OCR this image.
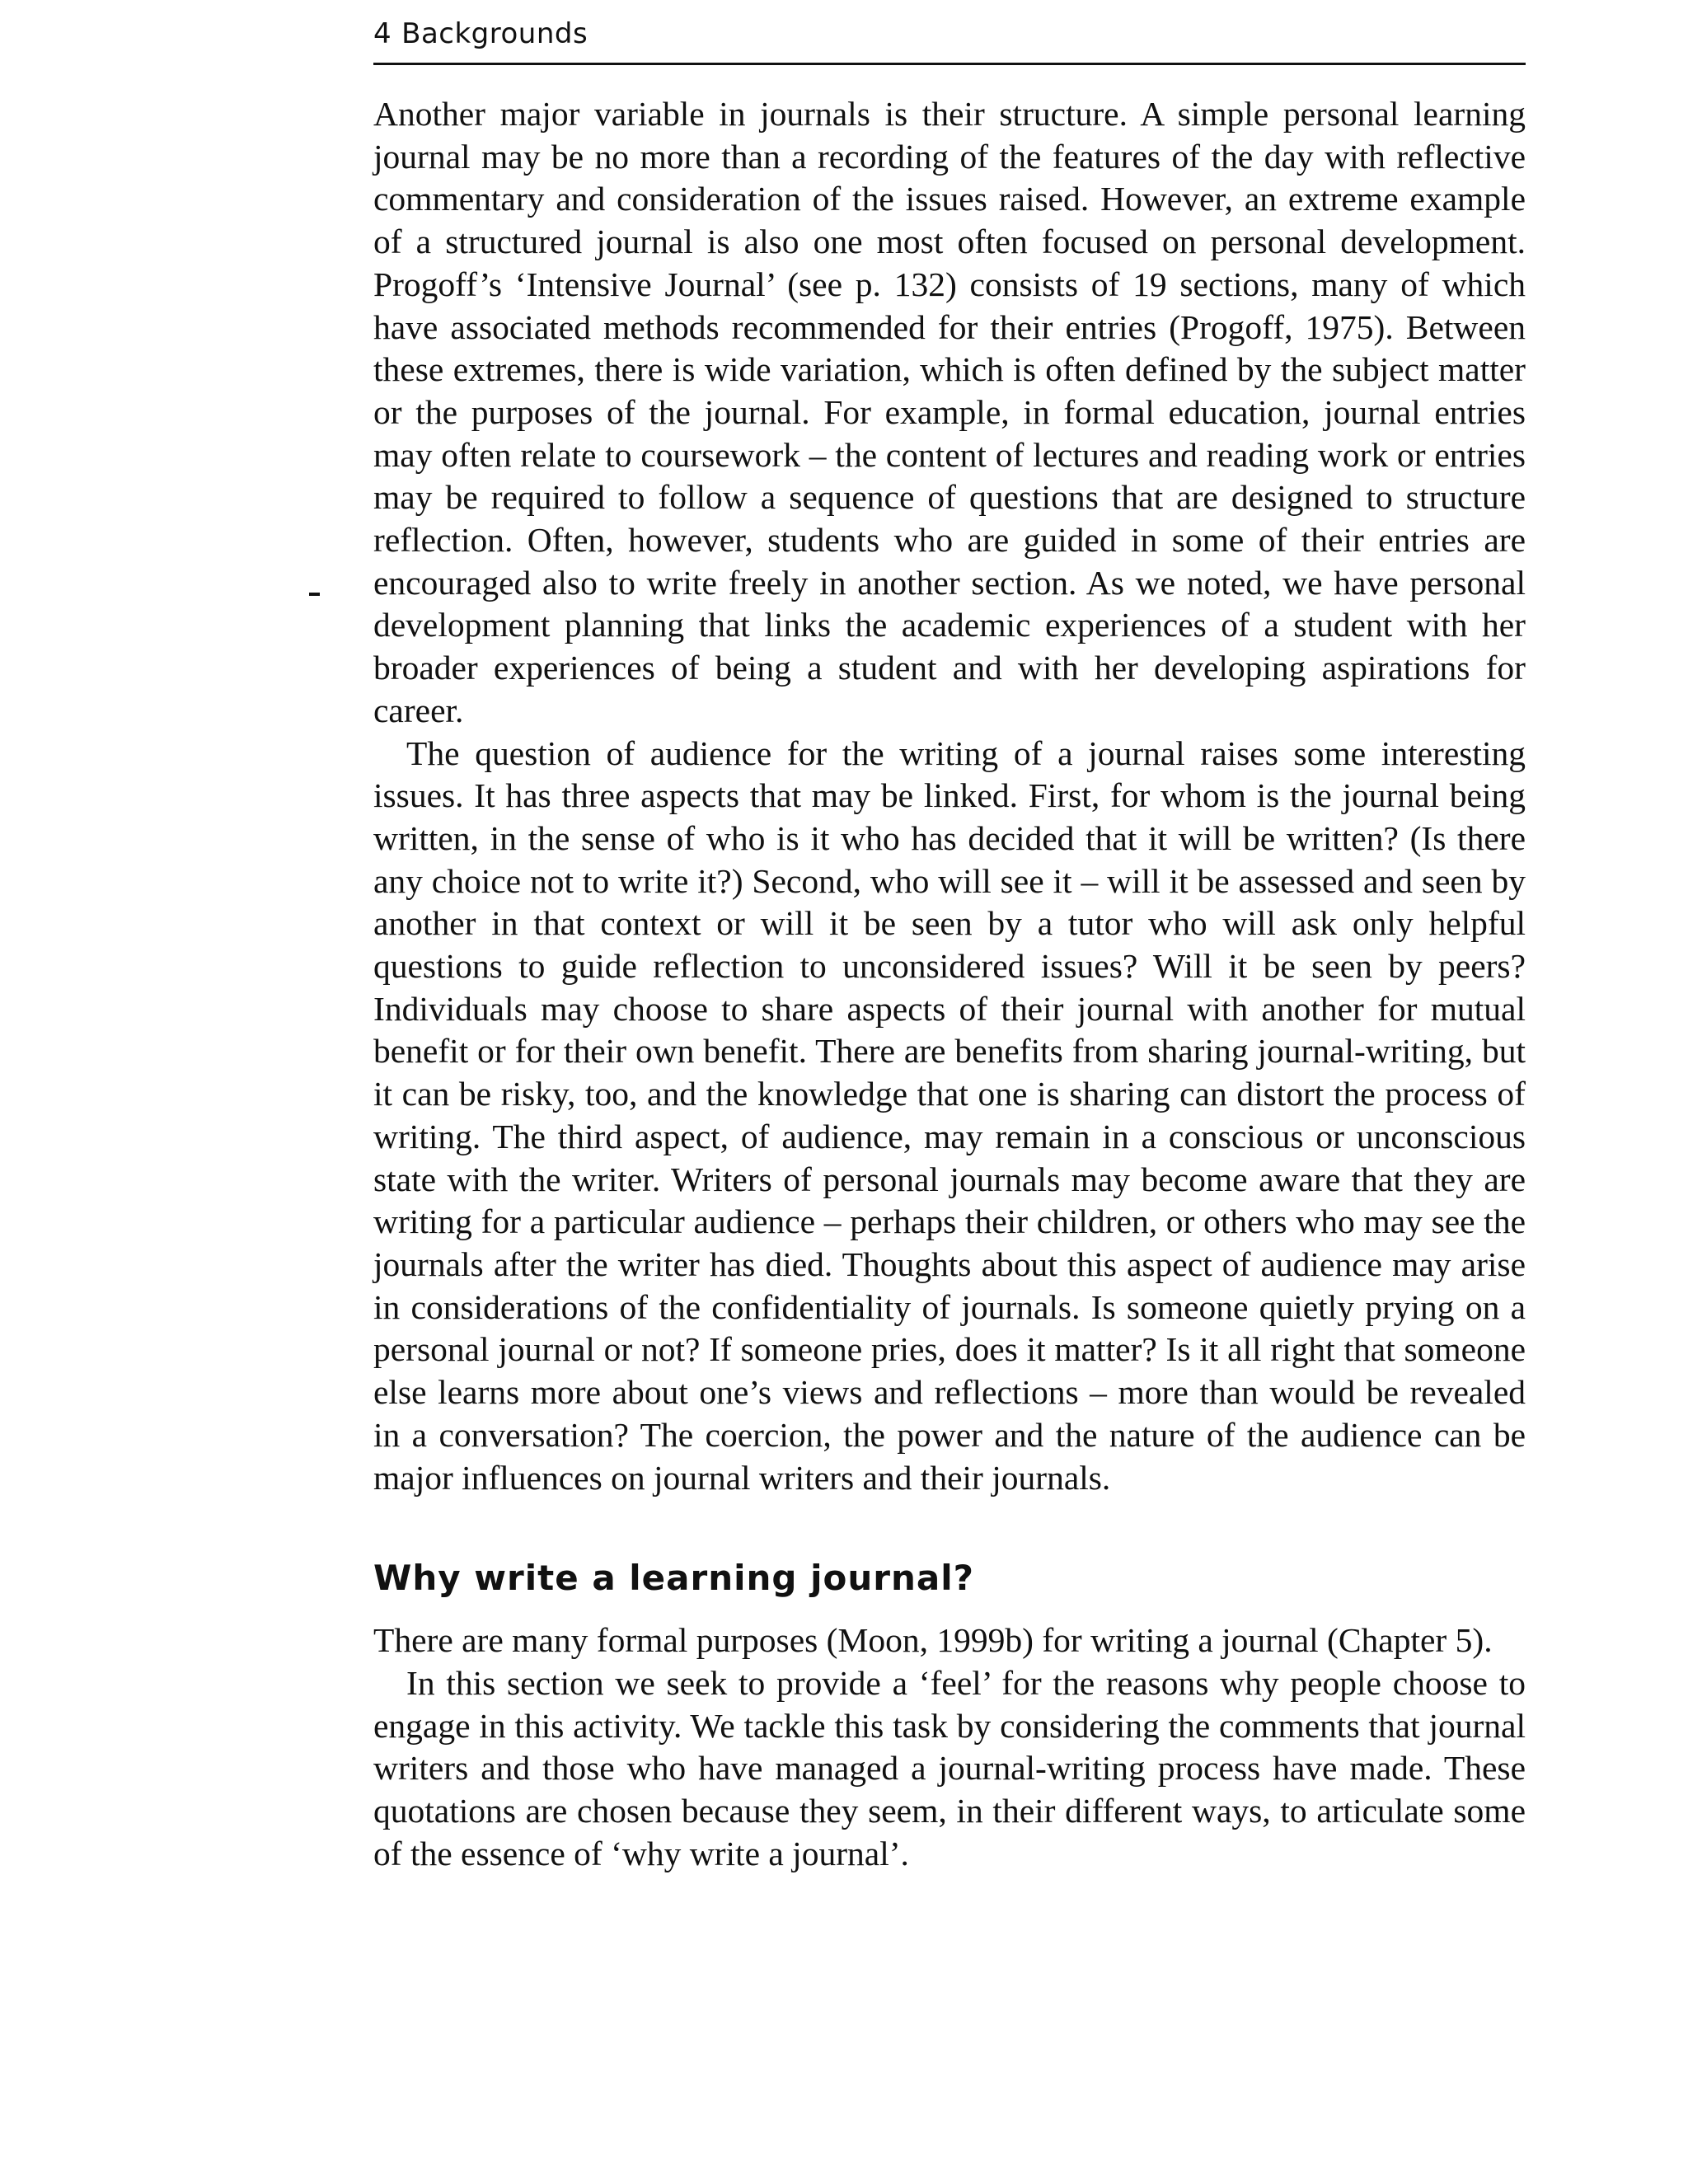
4 Backgrounds

Another major variable in journals is their structure. A simple personal learning journal may be no more than a recording of the features of the day with reflective commentary and consideration of the issues raised. However, an extreme example of a structured journal is also one most often focused on personal development. Progoff’s ‘Intensive Journal’ (see p. 132) consists of 19 sections, many of which have associated methods recommended for their entries (Progoff, 1975). Between these extremes, there is wide variation, which is often defined by the subject matter or the purposes of the journal. For example, in formal education, journal entries may often relate to coursework – the content of lectures and reading work or entries may be required to follow a sequence of questions that are designed to structure reflection. Often, however, students who are guided in some of their entries are encouraged also to write freely in another section. As we noted, we have personal development planning that links the academic experiences of a student with her broader experiences of being a student and with her developing aspirations for career.

The question of audience for the writing of a journal raises some interesting issues. It has three aspects that may be linked. First, for whom is the journal being written, in the sense of who is it who has decided that it will be written? (Is there any choice not to write it?) Second, who will see it – will it be assessed and seen by another in that context or will it be seen by a tutor who will ask only helpful questions to guide reflection to unconsidered issues? Will it be seen by peers? Individuals may choose to share aspects of their journal with another for mutual benefit or for their own benefit. There are benefits from sharing journal-writing, but it can be risky, too, and the knowledge that one is sharing can distort the process of writing. The third aspect, of audience, may remain in a conscious or unconscious state with the writer. Writers of personal journals may become aware that they are writing for a particular audience – perhaps their children, or others who may see the journals after the writer has died. Thoughts about this aspect of audience may arise in considerations of the confidentiality of journals. Is someone quietly prying on a personal journal or not? If someone pries, does it matter? Is it all right that someone else learns more about one’s views and reflections – more than would be revealed in a conversation? The coercion, the power and the nature of the audience can be major influences on journal writers and their journals.

Why write a learning journal?

There are many formal purposes (Moon, 1999b) for writing a journal (Chapter 5).

In this section we seek to provide a ‘feel’ for the reasons why people choose to engage in this activity. We tackle this task by considering the comments that journal writers and those who have managed a journal-writing process have made. These quotations are chosen because they seem, in their different ways, to articulate some of the essence of ‘why write a journal’.
